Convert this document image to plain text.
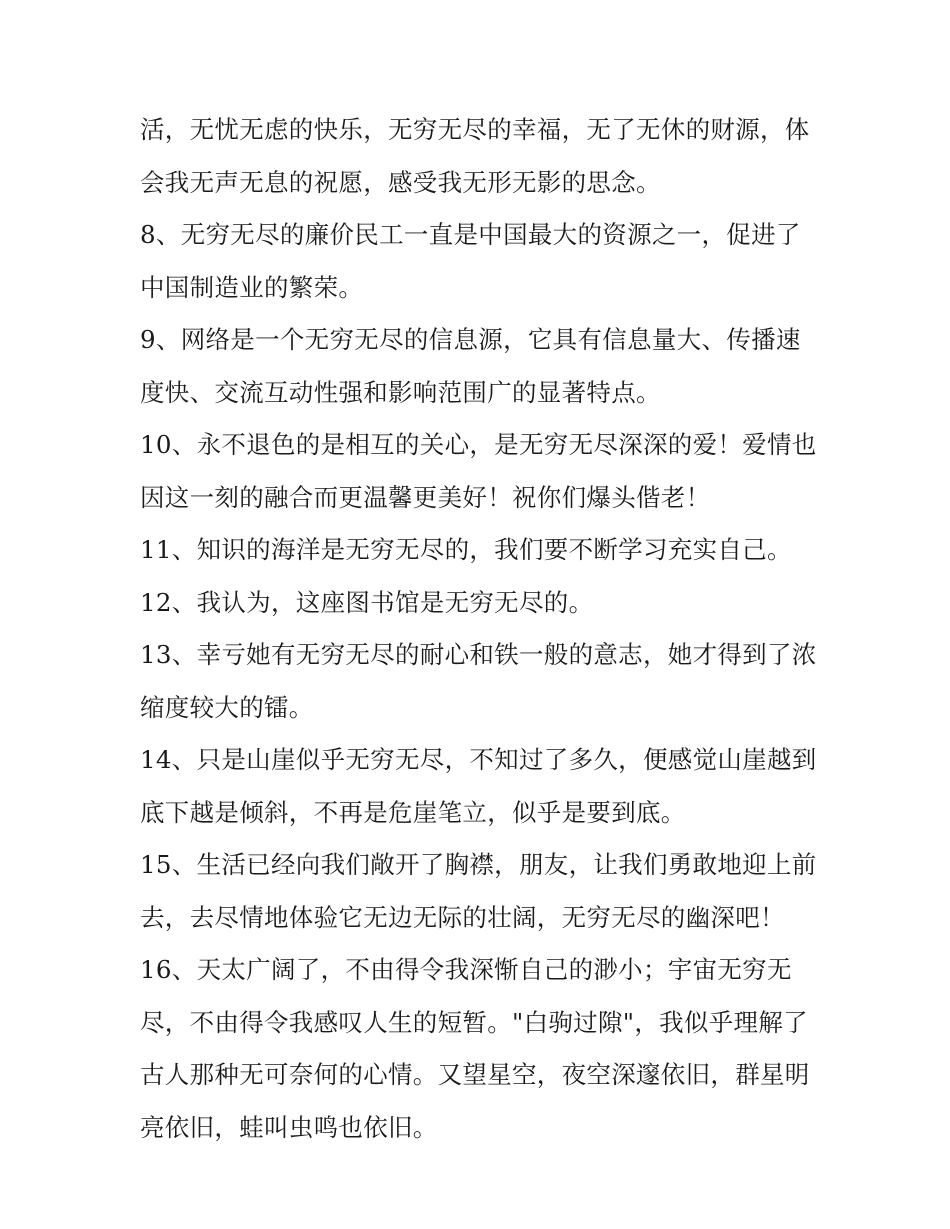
活，无忧无虑的快乐，无穷无尽的幸福，无了无休的财源，体
会我无声无息的祝愿，感受我无形无影的思念。
8、无穷无尽的廉价民工一直是中国最大的资源之一，促进了
中国制造业的繁荣。
9、网络是一个无穷无尽的信息源，它具有信息量大、传播速
度快、交流互动性强和影响范围广的显著特点。
10、永不退色的是相互的关心，是无穷无尽深深的爱！爱情也
因这一刻的融合而更温馨更美好！祝你们爆头偕老！
11、知识的海洋是无穷无尽的，我们要不断学习充实自己。
12、我认为，这座图书馆是无穷无尽的。
13、幸亏她有无穷无尽的耐心和铁一般的意志，她才得到了浓
缩度较大的镭。
14、只是山崖似乎无穷无尽，不知过了多久，便感觉山崖越到
底下越是倾斜，不再是危崖笔立，似乎是要到底。
15、生活已经向我们敞开了胸襟，朋友，让我们勇敢地迎上前
去，去尽情地体验它无边无际的壮阔，无穷无尽的幽深吧！
16、天太广阔了，不由得令我深惭自己的渺小；宇宙无穷无
尽，不由得令我感叹人生的短暂。"白驹过隙"，我似乎理解了
古人那种无可奈何的心情。又望星空，夜空深邃依旧，群星明
亮依旧，蛙叫虫鸣也依旧。
